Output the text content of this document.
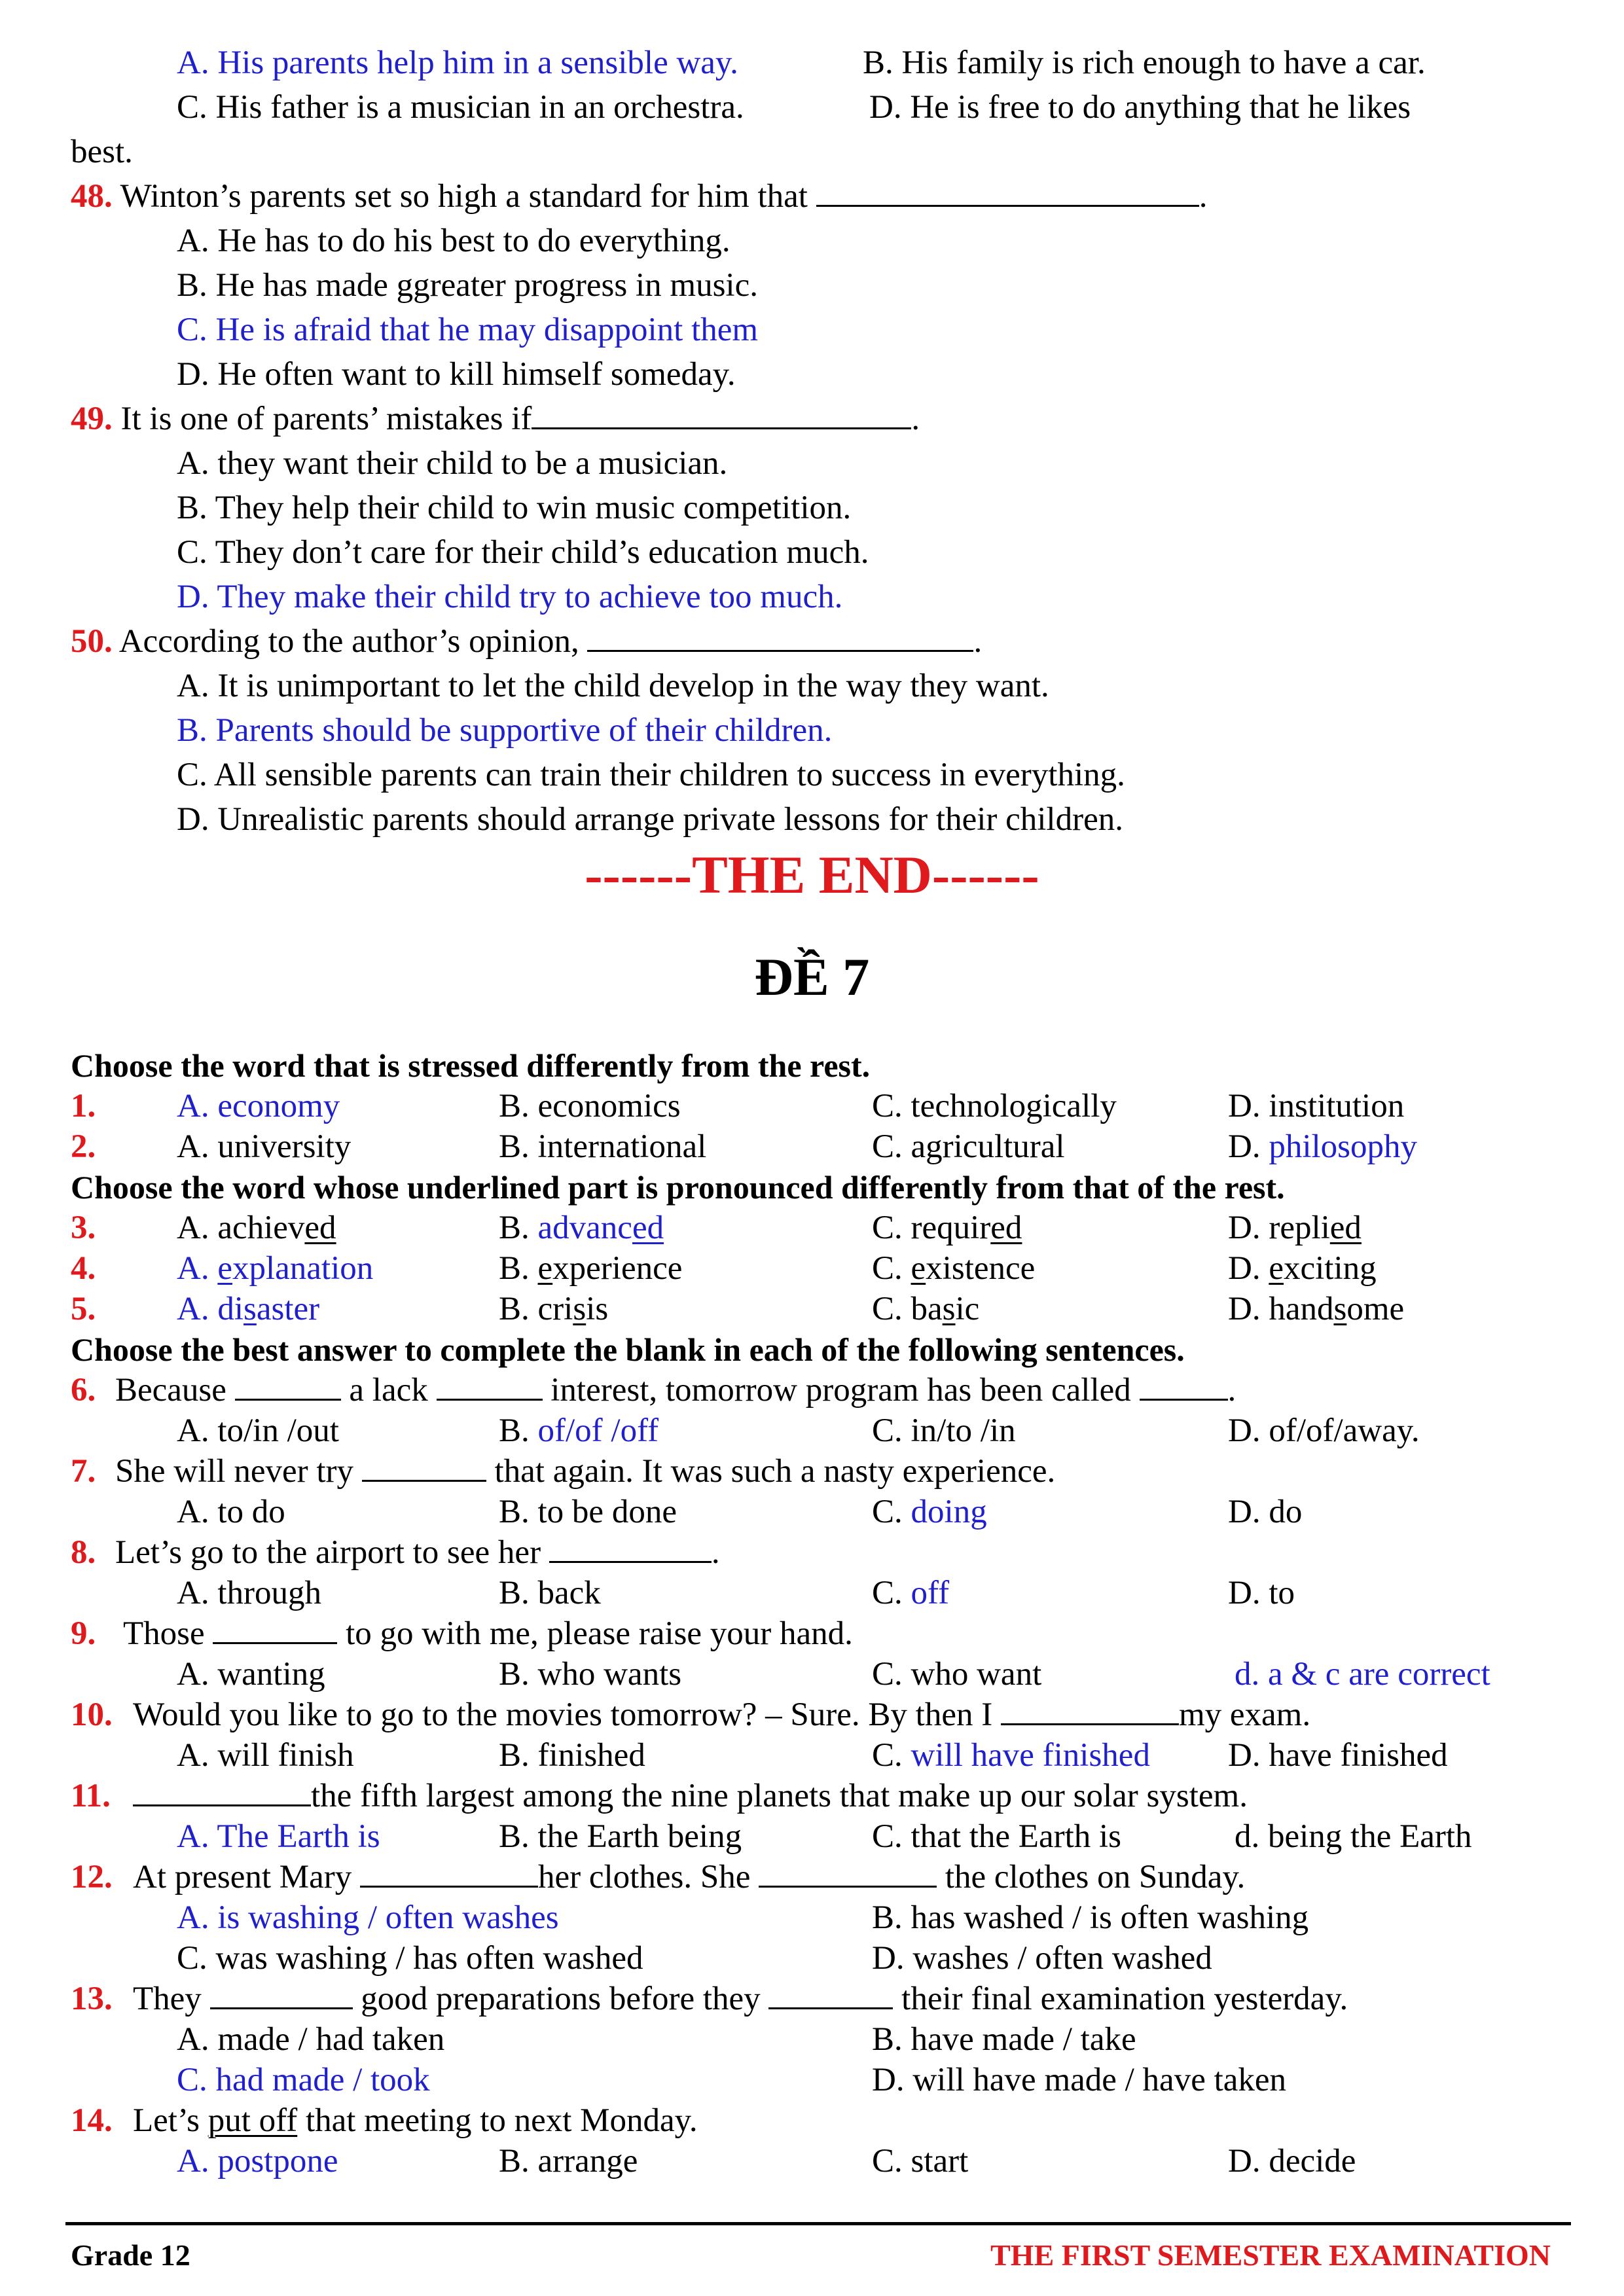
A. His parents help him in a sensible way.	B. His family is rich enough to have a car.
C. His father is a musician in an orchestra.	D. He is free to do anything that he likes
best.
48. Winton’s parents set so high a standard for him that	.
A. He has to do his best to do everything.
B. He has made ggreater progress in music.
C. He is afraid that he may disappoint them
D. He often want to kill himself someday.
49. It is one of parents’ mistakes if	.
A. they want their child to be a musician.
B. They help their child to win music competition.
C. They don’t care for their child’s education much.
D. They make their child try to achieve too much.
50. According to the author’s opinion,	.
A. It is unimportant to let the child develop in the way they want.
B. Parents should be supportive of their children.
C. All sensible parents can train their children to success in everything.
D. Unrealistic parents should arrange private lessons for their children.
------THE END------
ĐỀ 7
Choose the word that is stressed differently from the rest.
1. A. economy	B. economics	C. technologically	D. institution
2. A. university	B. international	C. agricultural	D. philosophy
Choose the word whose underlined part is pronounced differently from that of the rest.
3. A. achieved	B. advanced	C. required	D. replied
4. A. explanation	B. experience	C. existence	D. exciting
5. A. disaster	B. crisis	C. basic	D. handsome
Choose the best answer to complete the blank in each of the following sentences.
6. Because	a lack	interest, tomorrow program has been called	.
A. to/in /out	B. of/of /off	C. in/to /in	D. of/of/away.
7. She will never try	that again. It was such a nasty experience.
A. to do	B. to be done	C. doing	D. do
8. Let’s go to the airport to see her	.
A. through	B. back	C. off	D. to
9. Those	to go with me, please raise your hand.
A. wanting	B. who wants	C. who want	d. a & c are correct
10. Would you like to go to the movies tomorrow? – Sure. By then I	my exam.
A. will finish	B. finished	C. will have finished D. have finished
11.	the fifth largest among the nine planets that make up our solar system.
A. The Earth is	B. the Earth being	C. that the Earth is	d. being the Earth
12. At present Mary	her clothes. She	the clothes on Sunday.
A. is washing / often washes	B. has washed / is often washing
C. was washing / has often washed	D. washes / often washed
13. They	good preparations before they	their final examination yesterday.
A. made / had taken	B. have made / take
C. had made / took	D. will have made / have taken
14. Let’s put off that meeting to next Monday.
A. postpone	B. arrange	C. start	D. decide
Grade 12	THE FIRST SEMESTER EXAMINATION
